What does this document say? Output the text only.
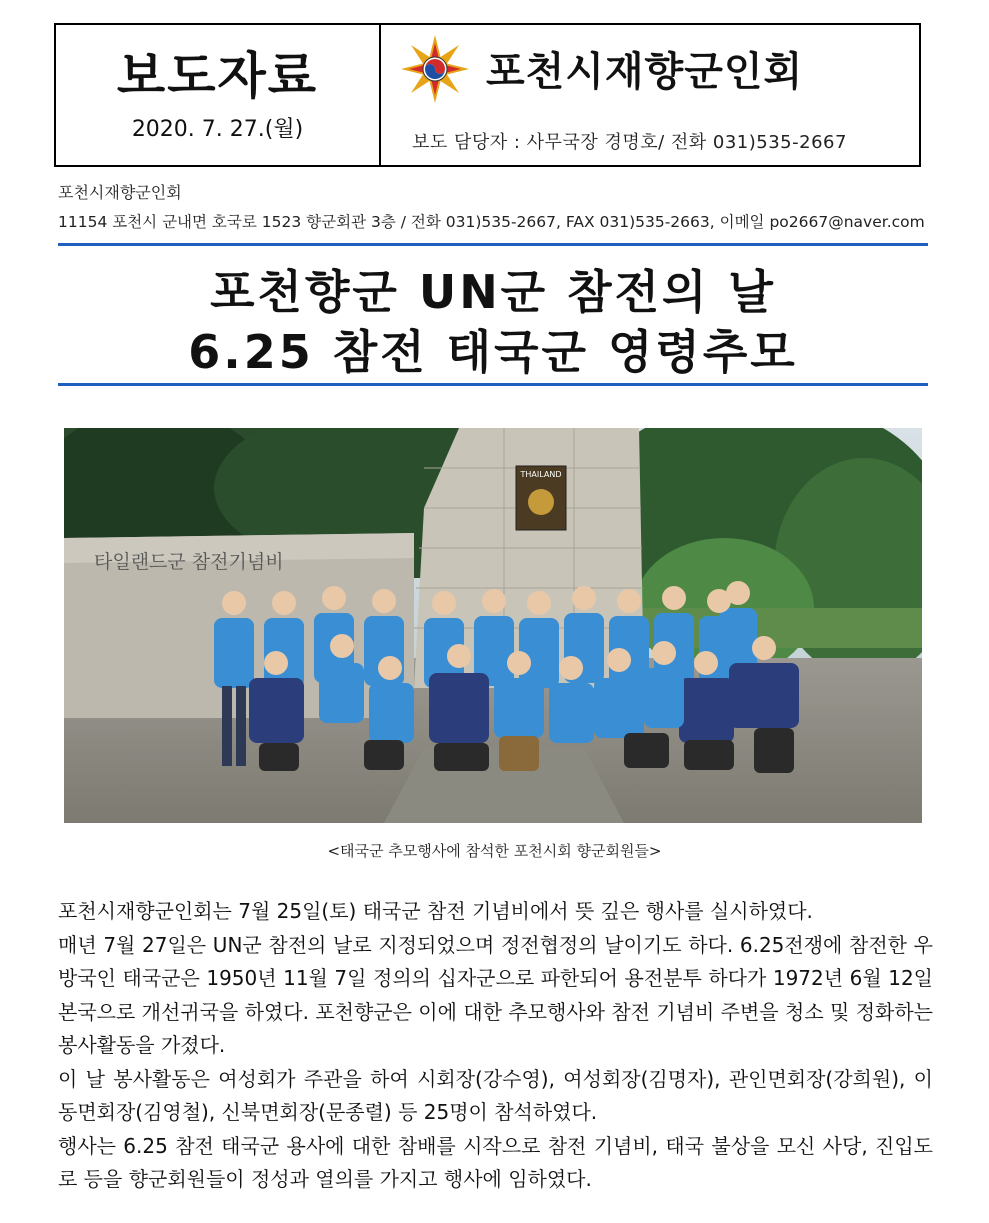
보도자료
2020. 7. 27.(월)
포천시재향군인회
보도 담당자 : 사무국장 경명호/ 전화 031)535-2667
포천시재향군인회
11154 포천시 군내면 호국로 1523 향군회관 3층 / 전화 031)535-2667, FAX 031)535-2663, 이메일 po2667@naver.com
포천향군 UN군 참전의 날
6.25 참전 태국군 영령추모
타일랜드군 참전기념비
THAILAND
<태국군 추모행사에 참석한 포천시회 향군회원들>

포천시재향군인회는 7월 25일(토) 태국군 참전 기념비에서 뜻 깊은 행사를 실시하였다.

매년 7월 27일은 UN군 참전의 날로 지정되었으며 정전협정의 날이기도 하다. 6.25전쟁에 참전한 우방국인 태국군은 1950년 11월 7일 정의의 십자군으로 파한되어 용전분투 하다가 1972년 6월 12일 본국으로 개선귀국을 하였다. 포천향군은 이에 대한 추모행사와 참전 기념비 주변을 청소 및 정화하는 봉사활동을 가졌다.

이 날 봉사활동은 여성회가 주관을 하여 시회장(강수영), 여성회장(김명자), 관인면회장(강희원), 이동면회장(김영철), 신북면회장(문종렬) 등 25명이 참석하였다.

행사는 6.25 참전 태국군 용사에 대한 참배를 시작으로 참전 기념비, 태국 불상을 모신 사당, 진입도로 등을 향군회원들이 정성과 열의를 가지고 행사에 임하였다.
